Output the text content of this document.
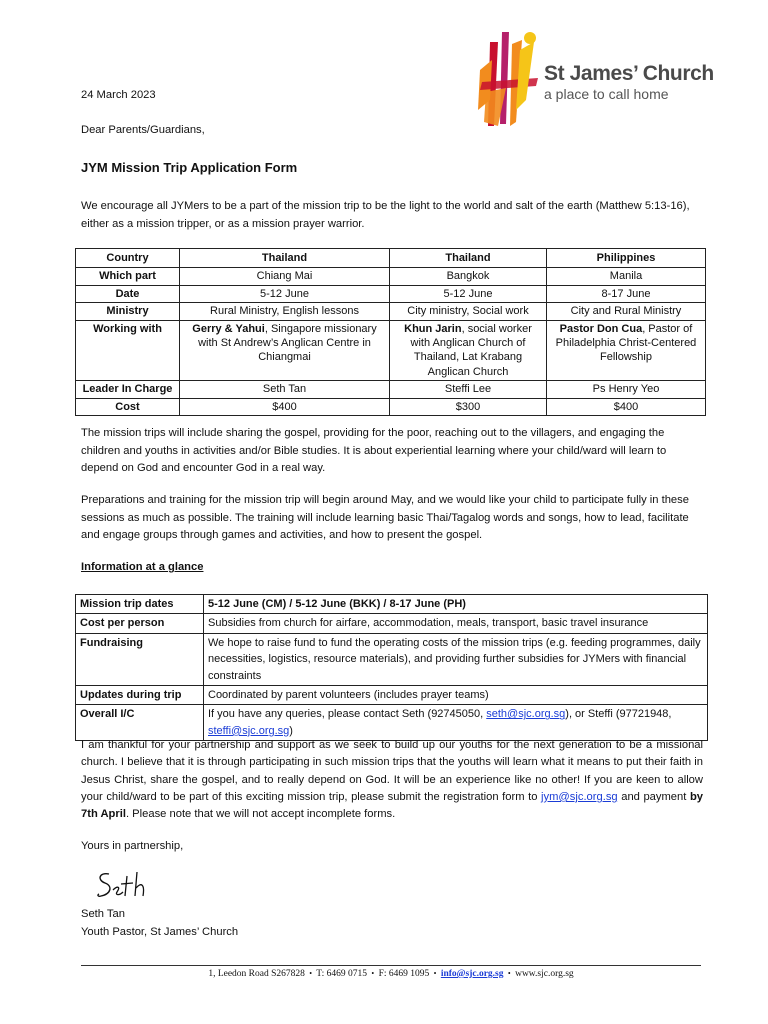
St James’ Church
a place to call home
24 March 2023
Dear Parents/Guardians,
JYM Mission Trip Application Form
We encourage all JYMers to be a part of the mission trip to be the light to the world and salt of the earth (Matthew 5:13-16), either as a mission tripper, or as a mission prayer warrior.
Country	Thailand	Thailand	Philippines
Which part	Chiang Mai	Bangkok	Manila
Date	5-12 June	5-12 June	8-17 June
Ministry	Rural Ministry, English lessons	City ministry, Social work	City and Rural Ministry
Working with	Gerry & Yahui, Singapore missionary with St Andrew’s Anglican Centre in Chiangmai	Khun Jarin, social worker with Anglican Church of Thailand, Lat Krabang Anglican Church	Pastor Don Cua, Pastor of Philadelphia Christ-Centered Fellowship
Leader In Charge	Seth Tan	Steffi Lee	Ps Henry Yeo
Cost	$400	$300	$400
The mission trips will include sharing the gospel, providing for the poor, reaching out to the villagers, and engaging the children and youths in activities and/or Bible studies. It is about experiential learning where your child/ward will learn to depend on God and encounter God in a real way.
Preparations and training for the mission trip will begin around May, and we would like your child to participate fully in these sessions as much as possible. The training will include learning basic Thai/Tagalog words and songs, how to lead, facilitate and engage groups through games and activities, and how to present the gospel.
Information at a glance
Mission trip dates	5-12 June (CM) / 5-12 June (BKK) / 8-17 June (PH)
Cost per person	Subsidies from church for airfare, accommodation, meals, transport, basic travel insurance
Fundraising	We hope to raise fund to fund the operating costs of the mission trips (e.g. feeding programmes, daily necessities, logistics, resource materials), and providing further subsidies for JYMers with financial constraints
Updates during trip	Coordinated by parent volunteers (includes prayer teams)
Overall I/C	If you have any queries, please contact Seth (92745050, seth@sjc.org.sg), or Steffi (97721948, steffi@sjc.org.sg)
I am thankful for your partnership and support as we seek to build up our youths for the next generation to be a missional church. I believe that it is through participating in such mission trips that the youths will learn what it means to put their faith in Jesus Christ, share the gospel, and to really depend on God. It will be an experience like no other! If you are keen to allow your child/ward to be part of this exciting mission trip, please submit the registration form to jym@sjc.org.sg and payment by 7th April. Please note that we will not accept incomplete forms.
Yours in partnership,
Seth Tan
Youth Pastor, St James’ Church
1, Leedon Road S267828 • T: 6469 0715 • F: 6469 1095 • info@sjc.org.sg • www.sjc.org.sg
